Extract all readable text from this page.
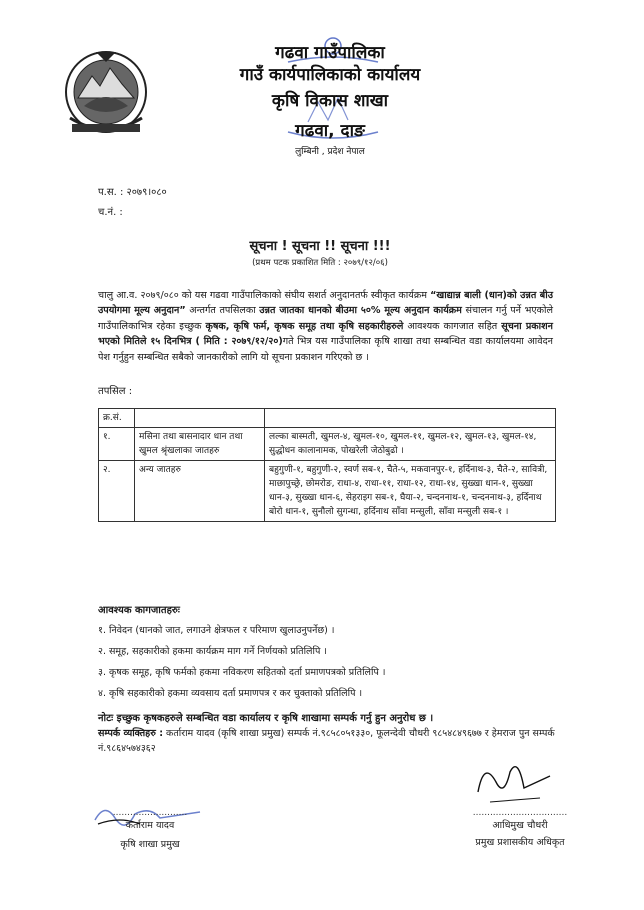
गढवा गाउँपालिका
गाउँ कार्यपालिकाको कार्यालय
कृषि विकास शाखा
गढवा, दाङ
लुम्बिनी , प्रदेश नेपाल
प.स. : २०७९।०८०
च.नं. :
सूचना ! सूचना !! सूचना !!!
(प्रथम पटक प्रकाशित मिति : २०७९/१२/०६)
चालु आ.व. २०७९/०८० को यस गढवा गाउँपालिकाको संघीय सशर्त अनुदानतर्फ स्वीकृत कार्यक्रम “खाद्यान्न बाली (धान)को उन्नत बीउ उपयोगमा मूल्य अनुदान” अन्तर्गत तपसिलका उन्नत जातका धानको बीउमा ५०% मूल्य अनुदान कार्यक्रम संचालन गर्नु पर्ने भएकोले गाउँपालिकाभित्र रहेका इच्छुक कृषक, कृषि फर्म, कृषक समूह तथा कृषि सहकारीहरुले आवश्यक कागजात सहित सूचना प्रकाशन भएको मितिले १५ दिनभित्र ( मिति : २०७९/१२/२०)गते भित्र यस गाउँपालिका कृषि शाखा तथा सम्बन्धित वडा कार्यालयमा आवेदन पेश गर्नुहुन सम्बन्धित सबैको जानकारीको लागि यो सूचना प्रकाशन गरिएको छ ।
तपसिल :
क्र.सं.		
१.	मसिना तथा बासनादार धान तथा खुमल श्रृंखलाका जातहरु	लल्का बास्मती, खुमल-४, खुमल-१०, खुमल-११, खुमल-१२, खुमल-१३, खुमल-१४, सुद्धोधन कालानामक, पोखरेली जेठोबुढो ।
२.	अन्य जातहरु	बहुगुणी-१, बहुगुणी-२, स्वर्ण सब-१, चैते-५, मकवानपुर-१, हर्दिनाथ-३, चैते-२, सावित्री, माछापुच्छ्रे, छोमरोङ, राधा-४, राधा-११, राधा-१२, राधा-१४, सुख्खा धान-१, सुख्खा धान-३, सुख्खा धान-६, सेहराइग सब-१, घैया-२, चन्दननाथ-१, चन्दननाथ-३, हर्दिनाथ बोरो धान-१, सुनौलो सुगन्धा, हर्दिनाथ साँवा मन्सुली, साँवा मन्सुली सब-१ ।
आवश्यक कागजातहरुः
१. निवेदन (धानको जात, लगाउने क्षेत्रफल र परिमाण खुलाउनुपर्नेछ) ।
२. समूह, सहकारीको हकमा कार्यक्रम माग गर्ने निर्णयको प्रतिलिपि ।
३. कृषक समूह, कृषि फर्मको हकमा नविकरण सहितको दर्ता प्रमाणपत्रको प्रतिलिपि ।
४. कृषि सहकारीको हकमा व्यवसाय दर्ता प्रमाणपत्र र कर चुक्ताको प्रतिलिपि ।
नोटः इच्छुक कृषकहरुले सम्बन्धित वडा कार्यालय र कृषि शाखामा सम्पर्क गर्नु हुन अनुरोध छ ।
सम्पर्क व्यक्तिहरु : कर्ताराम यादव (कृषि शाखा प्रमुख) सम्पर्क नं.९८५८०५१३३०, फूलन्देवी चौधरी ९८५४८४९६७७ र हेमराज पुन सम्पर्क नं.९८६४५७४३६२
..........................
कर्ताराम यादव
कृषि शाखा प्रमुख
.................................
आधिमुख चौधरी
प्रमुख प्रशासकीय अधिकृत
